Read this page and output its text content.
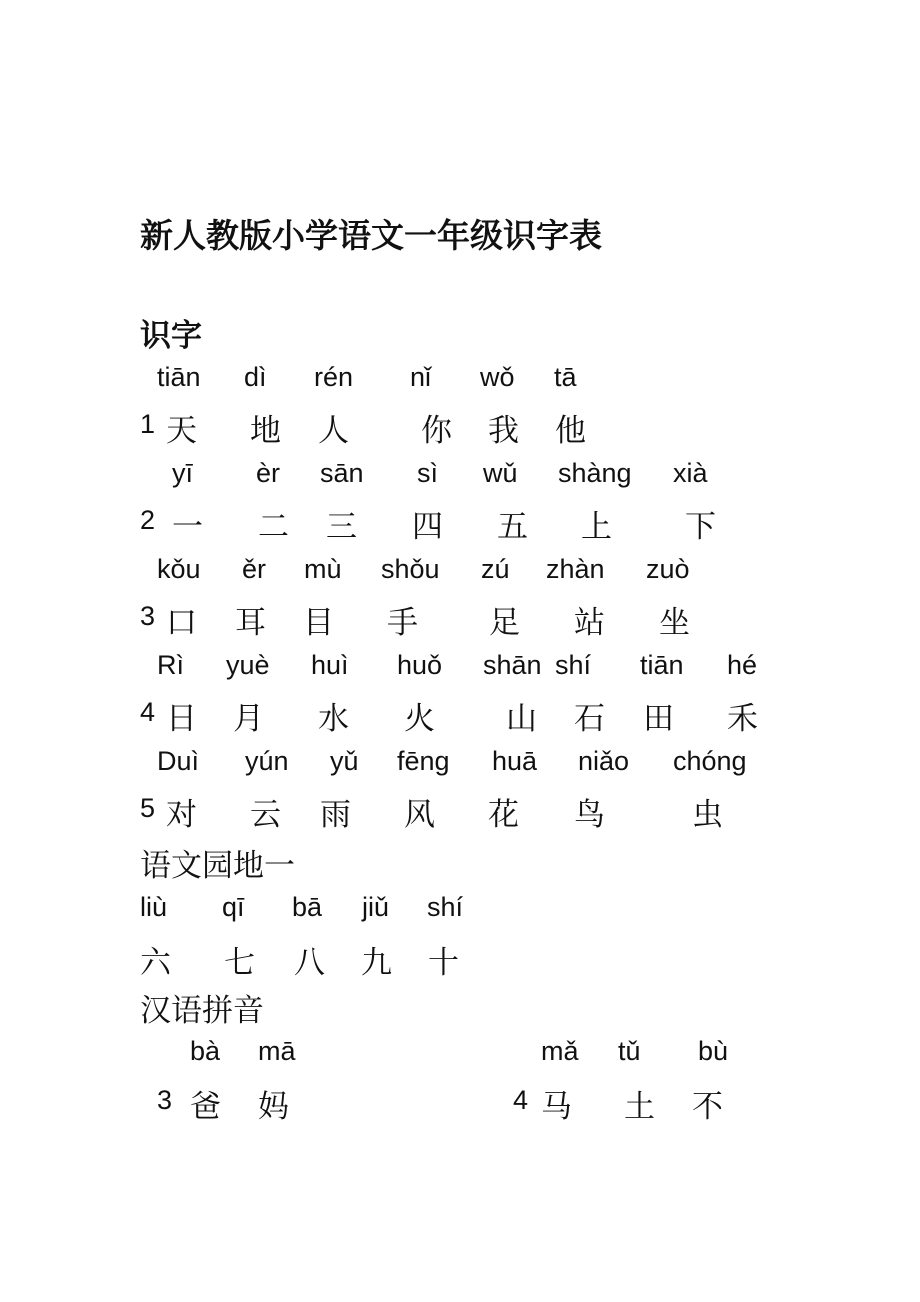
新人教版小学语文一年级识字表
识字
tiān dì rén nǐ wǒ tā
1 天 地 人 你 我 他
yī èr sān sì wǔ shàng xià
2 一 二 三 四 五 上 下
kǒu ěr mù shǒu zú zhàn zuò
3 口 耳 目 手 足 站 坐
Rì yuè huì huǒ shān shí tiān hé
4 日 月 水 火 山 石 田 禾
Duì yún yǔ fēng huā niǎo chóng
5 对 云 雨 风 花 鸟	虫
语文园地一
liù qī bā jiǔ shí
六 七 八 九 十
汉语拼音
bà mā
3 爸 妈
mǎ tǔ bù
4 马 土 不
